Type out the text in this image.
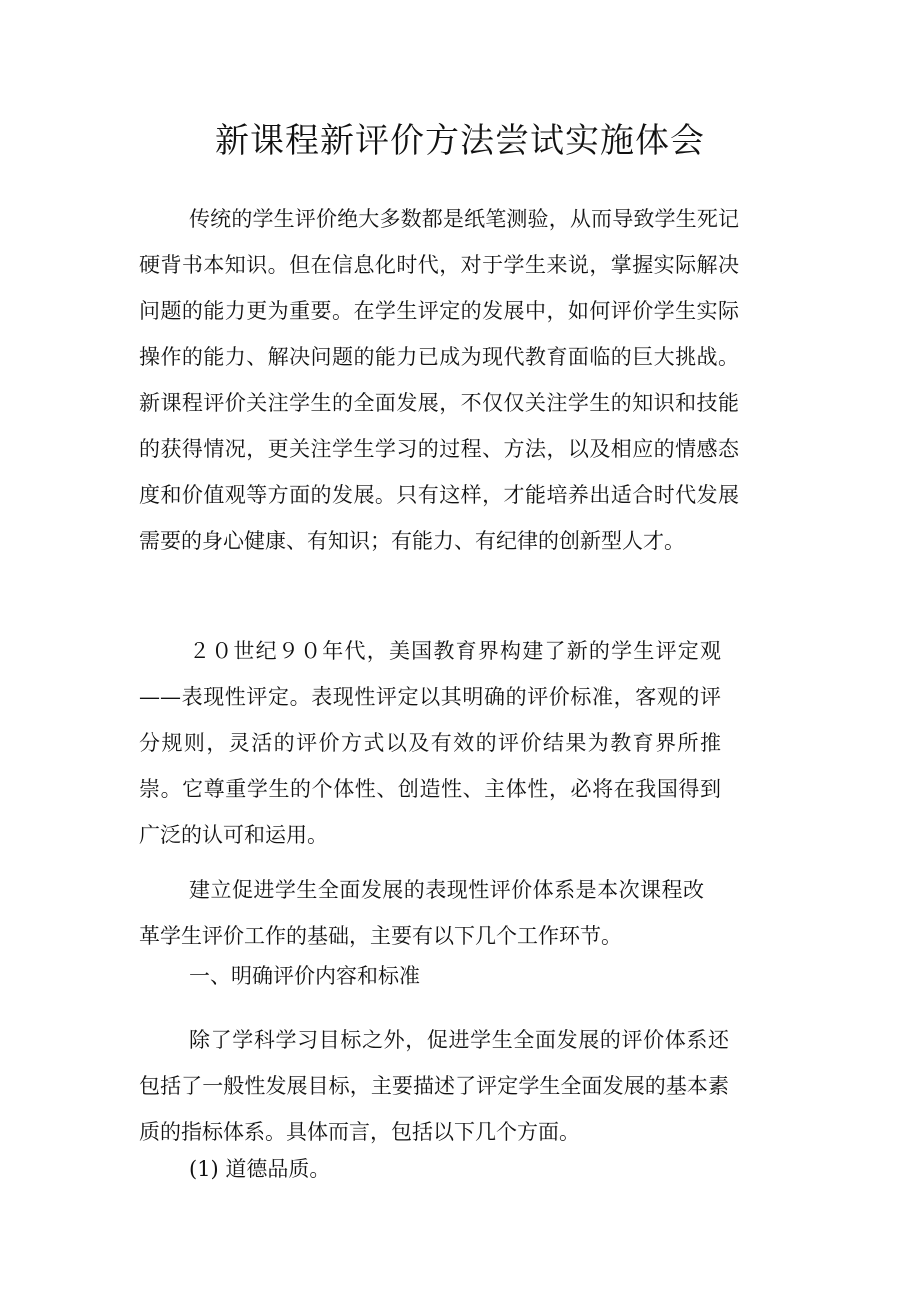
新课程新评价方法尝试实施体会

传统的学生评价绝大多数都是纸笔测验，从而导致学生死记硬背书本知识。但在信息化时代，对于学生来说，掌握实际解决问题的能力更为重要。在学生评定的发展中，如何评价学生实际操作的能力、解决问题的能力已成为现代教育面临的巨大挑战。新课程评价关注学生的全面发展，不仅仅关注学生的知识和技能的获得情况，更关注学生学习的过程、方法，以及相应的情感态度和价值观等方面的发展。只有这样，才能培养出适合时代发展需要的身心健康、有知识；有能力、有纪律的创新型人才。

２０世纪９０年代，美国教育界构建了新的学生评定观——表现性评定。表现性评定以其明确的评价标准，客观的评分规则，灵活的评价方式以及有效的评价结果为教育界所推崇。它尊重学生的个体性、创造性、主体性，必将在我国得到广泛的认可和运用。

建立促进学生全面发展的表现性评价体系是本次课程改革学生评价工作的基础，主要有以下几个工作环节。

一、明确评价内容和标准

除了学科学习目标之外，促进学生全面发展的评价体系还包括了一般性发展目标，主要描述了评定学生全面发展的基本素质的指标体系。具体而言，包括以下几个方面。

(1) 道德品质。
